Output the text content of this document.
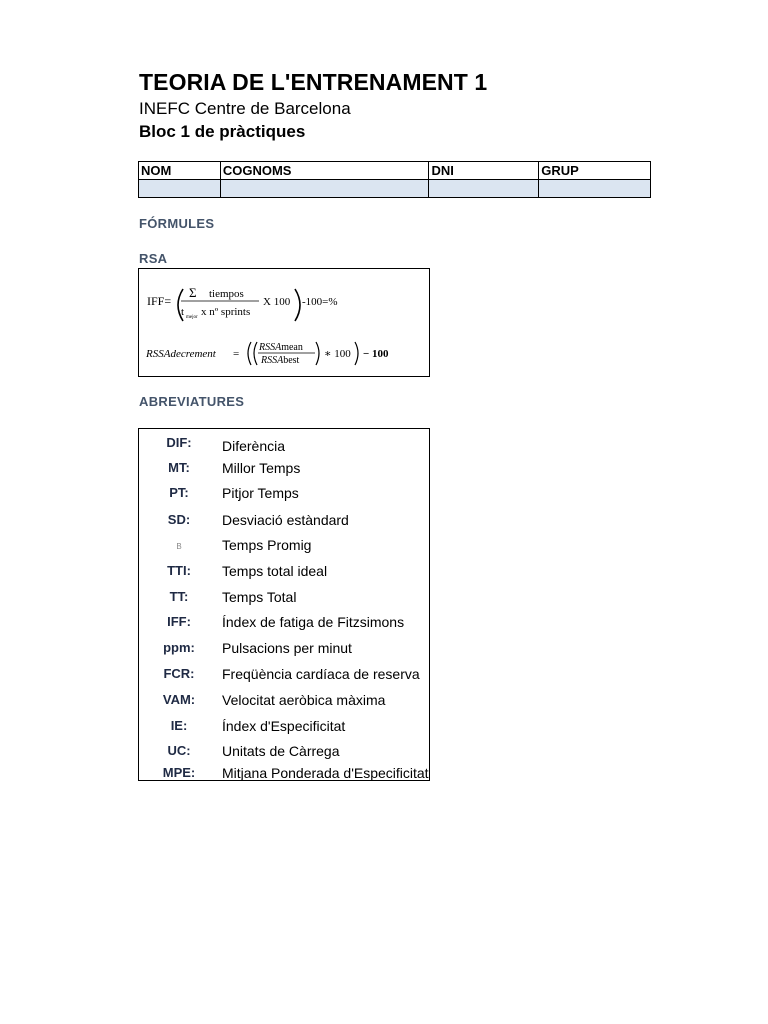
TEORIA DE L'ENTRENAMENT 1
INEFC Centre de Barcelona
Bloc 1 de pràctiques
NOM	COGNOMS	DNI	GRUP

FÓRMULES
RSA
IFF=
Σ tiempos
t mejor x nº sprints
X 100 -100=%
RSSAdecrement =
RSSAmean
RSSAbest
∗ 100 − 100
ABREVIATURES
DIF:	Diferència
MT:	Millor Temps
PT:	Pitjor Temps
SD:	Desviació estàndard
B	Temps Promig
TTI:	Temps total ideal
TT:	Temps Total
IFF:	Índex de fatiga de Fitzsimons
ppm:	Pulsacions per minut
FCR:	Freqüència cardíaca de reserva
VAM:	Velocitat aeròbica màxima
IE:	Índex d'Especificitat
UC:	Unitats de Càrrega
MPE:	Mitjana Ponderada d'Especificitat
